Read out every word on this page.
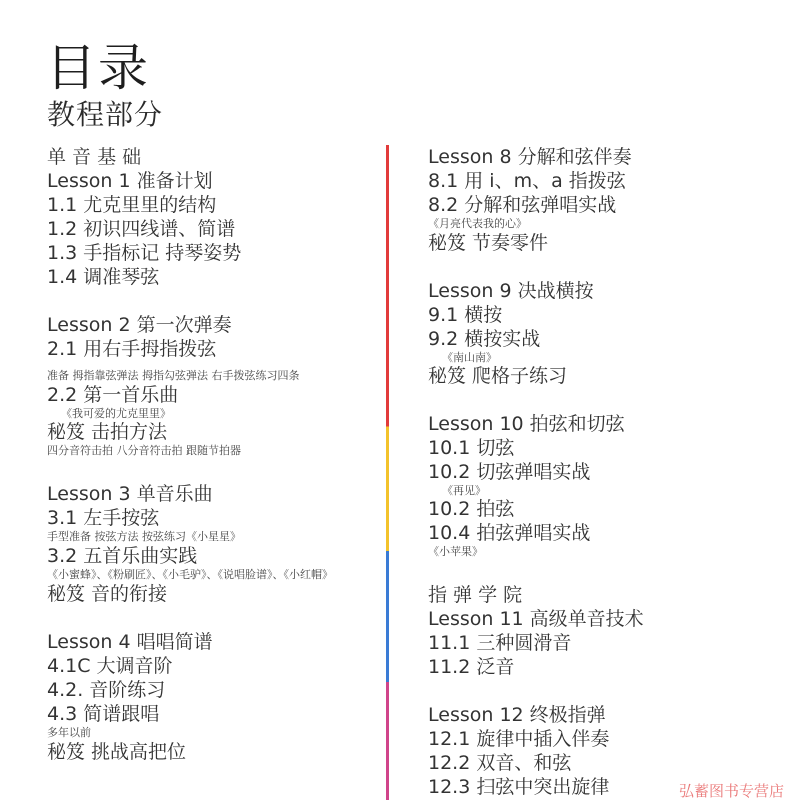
目录
教程部分
单 音 基 础
Lesson 1 准备计划
1.1 尤克里里的结构
1.2 初识四线谱、简谱
1.3 手指标记 持琴姿势
1.4 调准琴弦
Lesson 2 第一次弹奏
2.1 用右手拇指拨弦
准备 拇指靠弦弹法 拇指勾弦弹法 右手拨弦练习四条
2.2 第一首乐曲
《我可爱的尤克里里》
秘笈 击拍方法
四分音符击拍 八分音符击拍 跟随节拍器
Lesson 3 单音乐曲
3.1 左手按弦
手型准备 按弦方法 按弦练习《小星星》
3.2 五首乐曲实践
《小蜜蜂》、《粉刷匠》、《小毛驴》、《说唱脸谱》、《小红帽》
秘笈 音的衔接
Lesson 4 唱唱简谱
4.1C 大调音阶
4.2. 音阶练习
4.3 简谱跟唱
多年以前
秘笈 挑战高把位
Lesson 8 分解和弦伴奏
8.1 用 i、m、a 指拨弦
8.2 分解和弦弹唱实战
《月亮代表我的心》
秘笈 节奏零件
Lesson 9 决战横按
9.1 横按
9.2 横按实战
《南山南》
秘笈 爬格子练习
Lesson 10 拍弦和切弦
10.1 切弦
10.2 切弦弹唱实战
《再见》
10.2 拍弦
10.4 拍弦弹唱实战
《小苹果》
指 弹 学 院
Lesson 11 高级单音技术
11.1 三种圆滑音
11.2 泛音
Lesson 12 终极指弹
12.1 旋律中插入伴奏
12.2 双音、和弦
12.3 扫弦中突出旋律	弘蓄图书专营店
